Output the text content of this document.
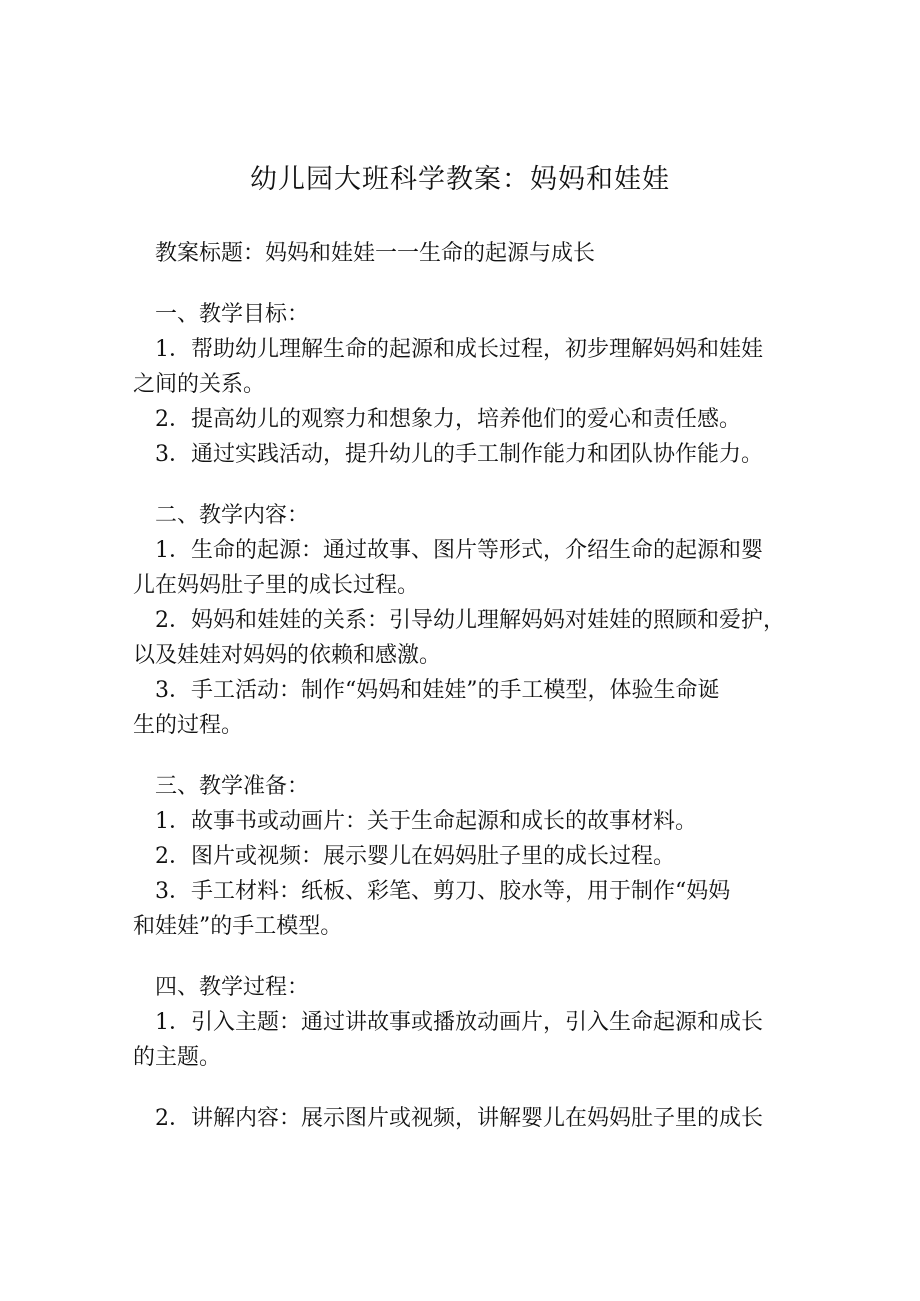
幼儿园大班科学教案：妈妈和娃娃
教案标题：妈妈和娃娃一一生命的起源与成长
一、教学目标：
1．帮助幼儿理解生命的起源和成长过程，初步理解妈妈和娃娃
之间的关系。
2．提高幼儿的观察力和想象力，培养他们的爱心和责任感。
3．通过实践活动，提升幼儿的手工制作能力和团队协作能力。
二、教学内容：
1．生命的起源：通过故事、图片等形式，介绍生命的起源和婴
儿在妈妈肚子里的成长过程。
2．妈妈和娃娃的关系：引导幼儿理解妈妈对娃娃的照顾和爱护，
以及娃娃对妈妈的依赖和感激。
3．手工活动：制作“妈妈和娃娃”的手工模型，体验生命诞
生的过程。
三、教学准备：
1．故事书或动画片：关于生命起源和成长的故事材料。
2．图片或视频：展示婴儿在妈妈肚子里的成长过程。
3．手工材料：纸板、彩笔、剪刀、胶水等，用于制作“妈妈
和娃娃”的手工模型。
四、教学过程：
1．引入主题：通过讲故事或播放动画片，引入生命起源和成长
的主题。
2．讲解内容：展示图片或视频，讲解婴儿在妈妈肚子里的成长
